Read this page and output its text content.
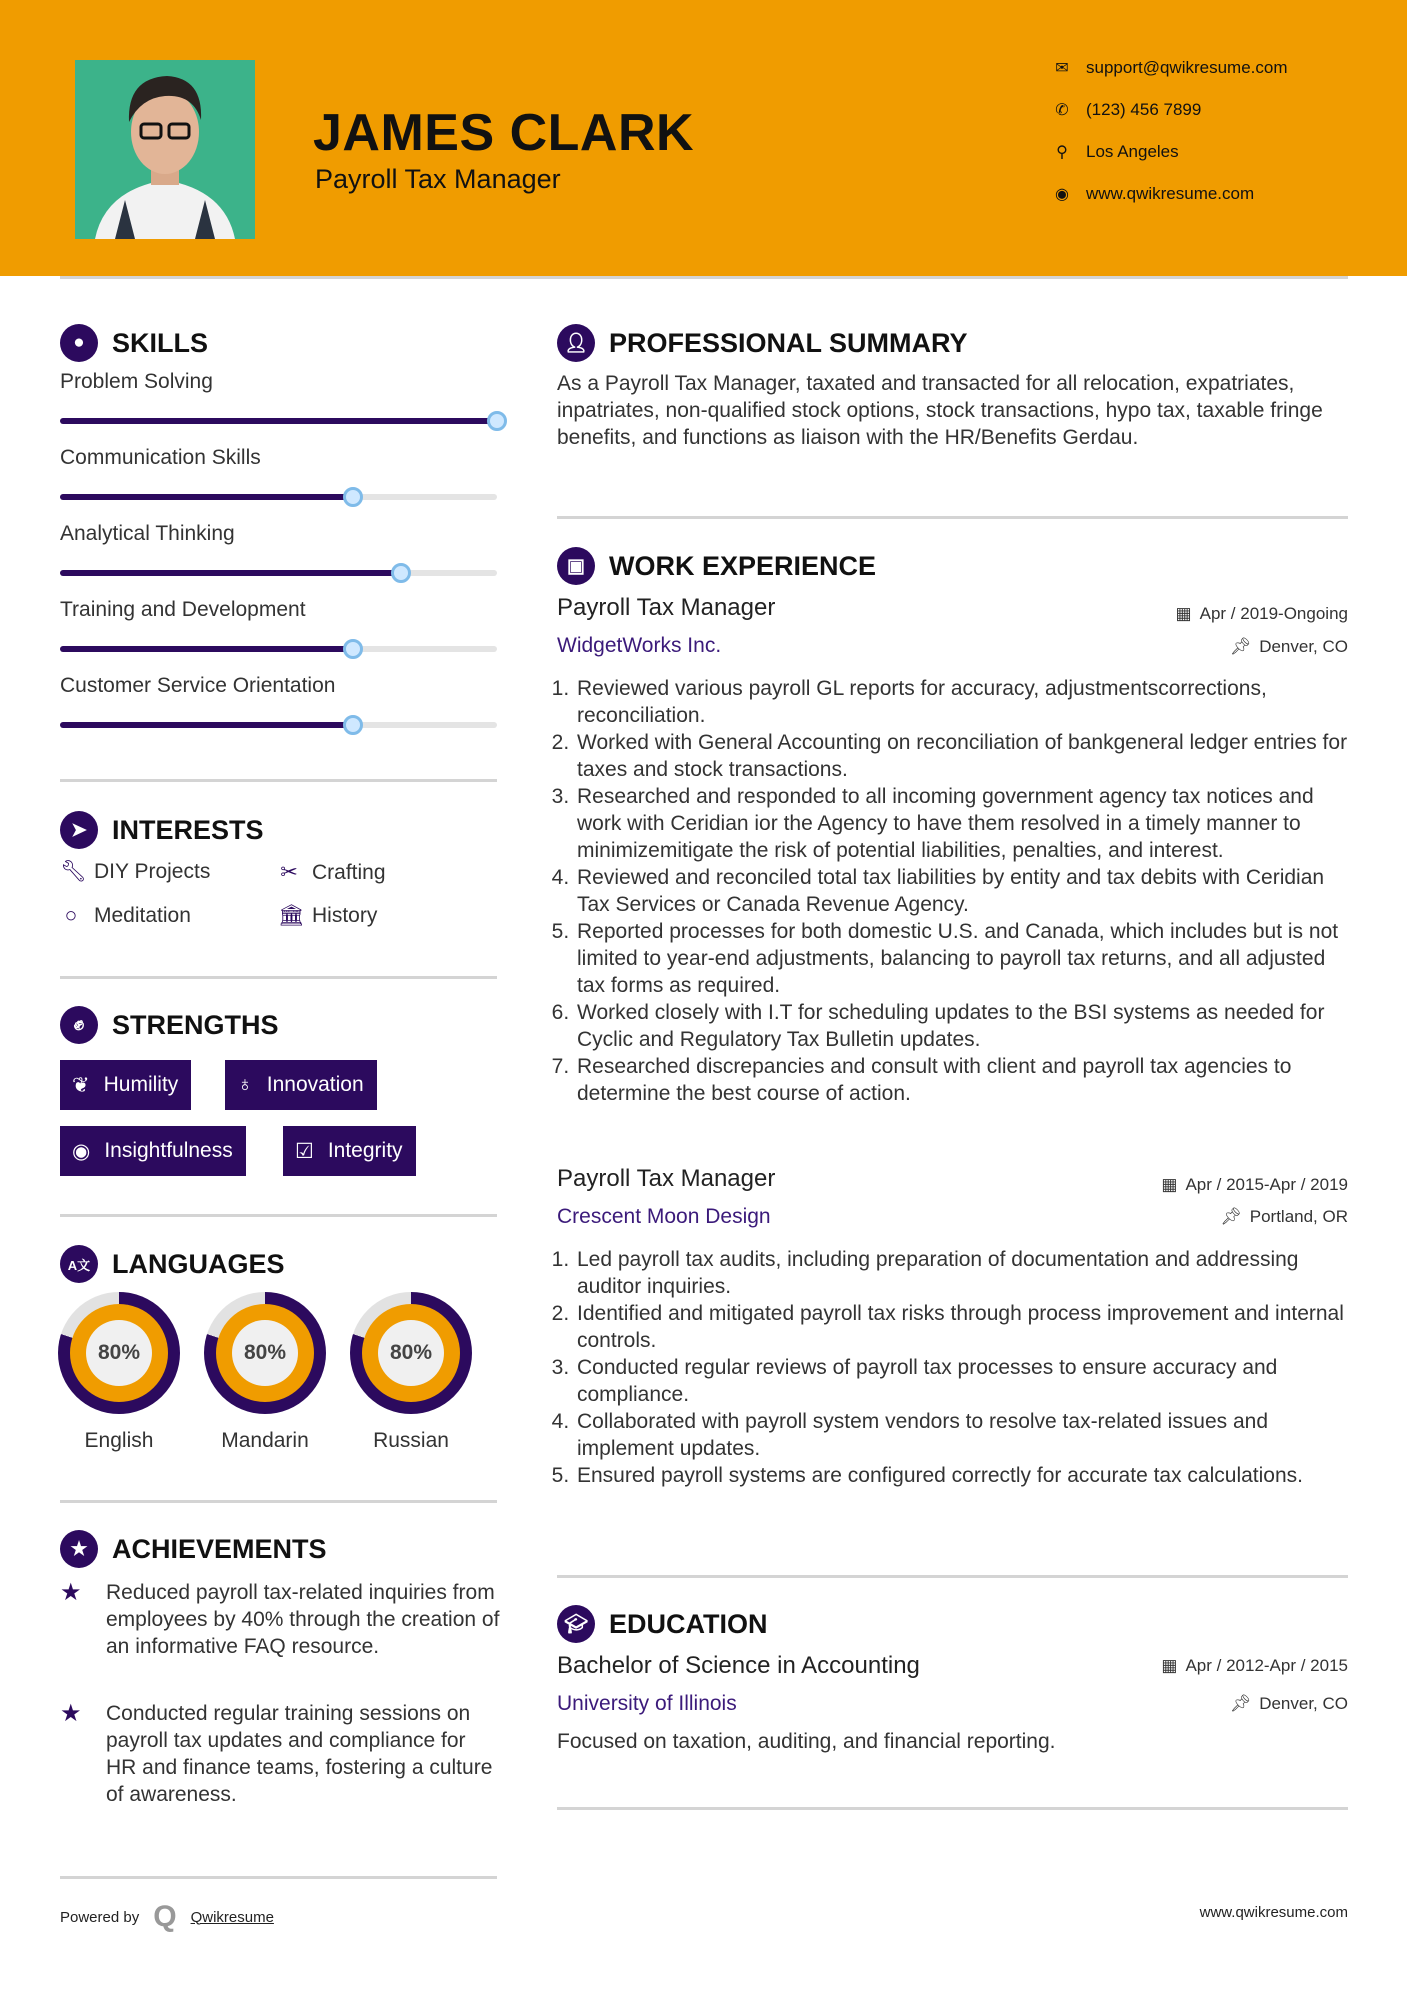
JAMES CLARK
Payroll Tax Manager
✉ support@qwikresume.com
✆ (123) 456 7899
⚲ Los Angeles
◉ www.qwikresume.com
●	SKILLS
Problem Solving
Communication Skills
Analytical Thinking
Training and Development
Customer Service Orientation
➤ INTERESTS
🔧︎ DIY Projects	✂ Crafting
○ Meditation	🏛︎ History
✊︎	STRENGTHS
❦ Humility	♁ Innovation
◉ Insightfulness	☑ Integrity
A文 LANGUAGES
80%
English
80%
Mandarin
80%
Russian
★ ACHIEVEMENTS
★	Reduced payroll tax-related inquiries from employees by 40% through the creation of an informative FAQ resource.
★	Conducted regular training sessions on payroll tax updates and compliance for HR and finance teams, fostering a culture of awareness.
👤︎ PROFESSIONAL SUMMARY
As a Payroll Tax Manager, taxated and transacted for all relocation, expatriates, inpatriates, non-qualified stock options, stock transactions, hypo tax, taxable fringe benefits, and functions as liaison with the HR/Benefits Gerdau.
▣ WORK EXPERIENCE
Payroll Tax Manager	▦ Apr / 2019-Ongoing
WidgetWorks Inc.	📌︎ Denver, CO
1. Reviewed various payroll GL reports for accuracy, adjustmentscorrections, reconciliation.
2. Worked with General Accounting on reconciliation of bankgeneral ledger entries for taxes and stock transactions.
3. Researched and responded to all incoming government agency tax notices and work with Ceridian ior the Agency to have them resolved in a timely manner to minimizemitigate the risk of potential liabilities, penalties, and interest.
4. Reviewed and reconciled total tax liabilities by entity and tax debits with Ceridian Tax Services or Canada Revenue Agency.
5. Reported processes for both domestic U.S. and Canada, which includes but is not limited to year-end adjustments, balancing to payroll tax returns, and all adjusted tax forms as required.
6. Worked closely with I.T for scheduling updates to the BSI systems as needed for Cyclic and Regulatory Tax Bulletin updates.
7. Researched discrepancies and consult with client and payroll tax agencies to determine the best course of action.
Payroll Tax Manager	▦ Apr / 2015-Apr / 2019
Crescent Moon Design	📌︎ Portland, OR
1. Led payroll tax audits, including preparation of documentation and addressing auditor inquiries.
2. Identified and mitigated payroll tax risks through process improvement and internal controls.
3. Conducted regular reviews of payroll tax processes to ensure accuracy and compliance.
4. Collaborated with payroll system vendors to resolve tax-related issues and implement updates.
5. Ensured payroll systems are configured correctly for accurate tax calculations.
🎓︎ EDUCATION
Bachelor of Science in Accounting	▦ Apr / 2012-Apr / 2015
University of Illinois	📌︎ Denver, CO
Focused on taxation, auditing, and financial reporting.
Powered by Q Qwikresume	www.qwikresume.com
